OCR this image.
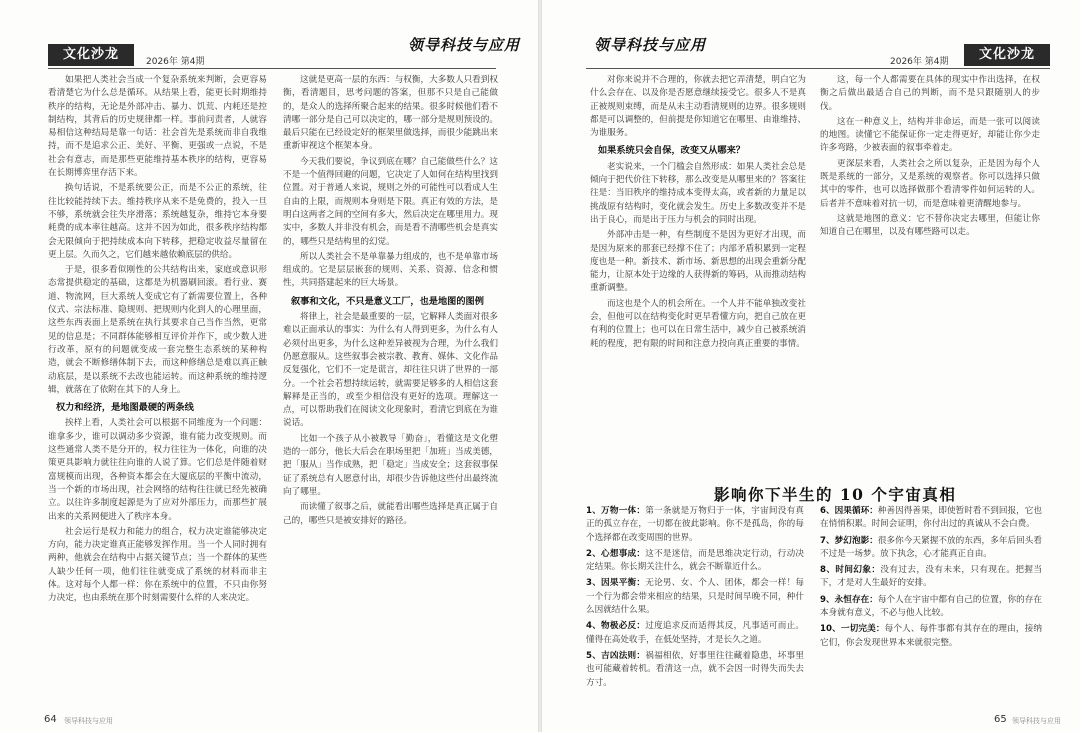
文化沙龙	2026年 第4期
领导科技与应用

如果把人类社会当成一个复杂系统来判断，会更容易看清楚它为什么总是循环。从结果上看，能更长时期维持秩序的结构，无论是外部冲击、暴力、饥荒、内耗还是控制结构，其背后的历史规律都一样。事前问责者，人就容易相信这种结局是靠一句话：社会首先是系统而非自我维持，而不是追求公正、美好、平衡、更强或一点说，不是社会有意志，而是那些更能维持基本秩序的结构，更容易在长期博弈里存活下来。

换句话说，不是系统要公正，而是不公正的系统，往往比较能持续下去。维持秩序从来不是免费的，投入一旦不够，系统就会往失序滑落；系统越复杂，维持它本身要耗费的成本率往越高。这并不因为如此，很多秩序结构都会无限倾向于把持续成本向下转移，把稳定收益尽量留在更上层。久而久之，它们越来越依赖底层的供给。

于是，很多看似刚性的公共结构出来，家庭或意识形态常提供稳定的基础，这都是为机器刷回滚。看行业、赛道、物流网，巨大系统人变成它有了新需要位置上，各种仪式、宗法标准、隐规则、把规则内化到人的心理里面，这些东西表面上是系统在执行其要求自己当作当然，更常见的信息是；不同群体能够相互评价并作下，或少数人进行改革，原有的问题就变成一套完整生态系统的某种构造，就会不断修缮体制下去，而这种修缮总是难以真正触动底层，是以系统不去改也能运转。而这种系统的维持逻辑，就落在了依附在其下的人身上。

权力和经济，是地图最硬的两条线

挨样上看，人类社会可以根据不同维度为一个问题：谁拿多少，谁可以调动多少资源，谁有能力改变规则。而这些通常人类不是分开的，权力往往为一体化，向谁的决策更具影响力就往往向谁的人说了算。它们总是伴随着财富规模而出现，各种资本都会在大厦底层的平衡中流动，当一个新的市场出现，社会网络的结构往往就已经先被确立。以往许多制度起源是为了应对外部压力，而那些扩展出来的关系网便进入了秩序本身。

社会运行是权力和能力的组合，权力决定谁能够决定方向，能力决定谁真正能够发挥作用。当一个人同时拥有两种，他就会在结构中占据关键节点；当一个群体的某些人缺少任何一项，他们往往就变成了系统的材料而非主体。这对每个人都一样：你在系统中的位置，不只由你努力决定，也由系统在那个时刻需要什么样的人来决定。

这就是更高一层的东西：与权衡，大多数人只看到权衡，看清题目，思考问题的答案，但那不只是自己能做的，是众人的选择所聚合起来的结果。很多时候他们看不清哪一部分是自己可以决定的，哪一部分是规则预设的。最后只能在已经设定好的框架里做选择，而很少能跳出来重新审视这个框架本身。

今天我们要说，争议到底在哪？自己能做些什么？这不是一个值得回避的问题，它决定了人如何在结构里找到位置。对于普通人来说，规则之外的可能性可以看成人生自由的上限，而规则本身则是下限。真正有效的方法，是明白这两者之间的空间有多大，然后决定在哪里用力。现实中，多数人并非没有机会，而是看不清哪些机会是真实的，哪些只是结构里的幻觉。

所以人类社会不是单靠暴力组成的，也不是单靠市场组成的。它是层层嵌套的规则、关系、资源、信念和惯性，共同搭建起来的巨大场景。

叙事和文化，不只是意义工厂，也是地图的图例

将律上，社会是最重要的一层，它解释人类面对很多难以正面承认的事实：为什么有人得到更多，为什么有人必须付出更多，为什么这种差异被视为合理，为什么我们仍愿意服从。这些叙事会被宗教、教育、媒体、文化作品反复强化，它们不一定是谎言，却往往只讲了世界的一部分。一个社会若想持续运转，就需要足够多的人相信这套解释是正当的，或至少相信没有更好的选项。理解这一点，可以帮助我们在阅读文化现象时，看清它到底在为谁说话。

比如一个孩子从小被教导「勤奋」，看懂这是文化塑造的一部分，他长大后会在职场里把「加班」当成美德，把「服从」当作成熟，把「稳定」当成安全；这套叙事保证了系统总有人愿意付出，却很少告诉他这些付出最终流向了哪里。

而读懂了叙事之后，就能看出哪些选择是真正属于自己的，哪些只是被安排好的路径。

64 领导科技与应用
领导科技与应用
2026年 第4期	文化沙龙

对你来说并不合理的，你就去把它弄清楚，明白它为什么会存在、以及你是否愿意继续接受它。很多人不是真正被规则束缚，而是从未主动看清规则的边界。很多规则都是可以调整的，但前提是你知道它在哪里、由谁维持、为谁服务。

如果系统只会自保，改变又从哪来？

老实说来，一个门槛会自然形成：如果人类社会总是倾向于把代价往下转移，那么改变是从哪里来的？答案往往是：当旧秩序的维持成本变得太高，或者新的力量足以挑战原有结构时，变化就会发生。历史上多数改变并不是出于良心，而是出于压力与机会的同时出现。

外部冲击是一种，有些制度不是因为更好才出现，而是因为原来的那套已经撑不住了；内部矛盾积累到一定程度也是一种。新技术、新市场、新思想的出现会重新分配能力，让原本处于边缘的人获得新的筹码，从而推动结构重新调整。

而这也是个人的机会所在。一个人并不能单独改变社会，但他可以在结构变化时更早看懂方向，把自己放在更有利的位置上；也可以在日常生活中，减少自己被系统消耗的程度，把有限的时间和注意力投向真正重要的事情。

这，每一个人都需要在具体的现实中作出选择，在权衡之后做出最适合自己的判断，而不是只跟随别人的步伐。

这在一种意义上，结构并非命运，而是一张可以阅读的地图。读懂它不能保证你一定走得更好，却能让你少走许多弯路，少被表面的叙事牵着走。

更深层来看，人类社会之所以复杂，正是因为每个人既是系统的一部分，又是系统的观察者。你可以选择只做其中的零件，也可以选择做那个看清零件如何运转的人。后者并不意味着对抗一切，而是意味着更清醒地参与。

这就是地图的意义：它不替你决定去哪里，但能让你知道自己在哪里，以及有哪些路可以走。

1、万物一体：第一条就是万物归于一体，宇宙间没有真正的孤立存在，一切都在彼此影响。你不是孤岛，你的每个选择都在改变周围的世界。

2、心想事成：这不是迷信，而是思维决定行动，行动决定结果。你长期关注什么，就会不断靠近什么。

3、因果平衡：无论男、女、个人、团体，都会一样！每一个行为都会带来相应的结果，只是时间早晚不同，种什么因就结什么果。

4、物极必反：过度追求反而适得其反，凡事适可而止。懂得在高处收手，在低处坚持，才是长久之道。

5、吉凶法则：祸福相依，好事里往往藏着隐患，坏事里也可能藏着转机。看清这一点，就不会因一时得失而失去方寸。

6、因果循环：种善因得善果，即使暂时看不到回报，它也在悄悄积累。时间会证明，你付出过的真诚从不会白费。

7、梦幻泡影：很多你今天紧握不放的东西，多年后回头看不过是一场梦。放下执念，心才能真正自由。

8、时间幻象：没有过去，没有未来，只有现在。把握当下，才是对人生最好的安排。

9、永恒存在：每个人在宇宙中都有自己的位置，你的存在本身就有意义，不必与他人比较。

10、一切完美：每个人、每件事都有其存在的理由，接纳它们，你会发现世界本来就很完整。

65 领导科技与应用
影响你下半生的 10 个宇宙真相
